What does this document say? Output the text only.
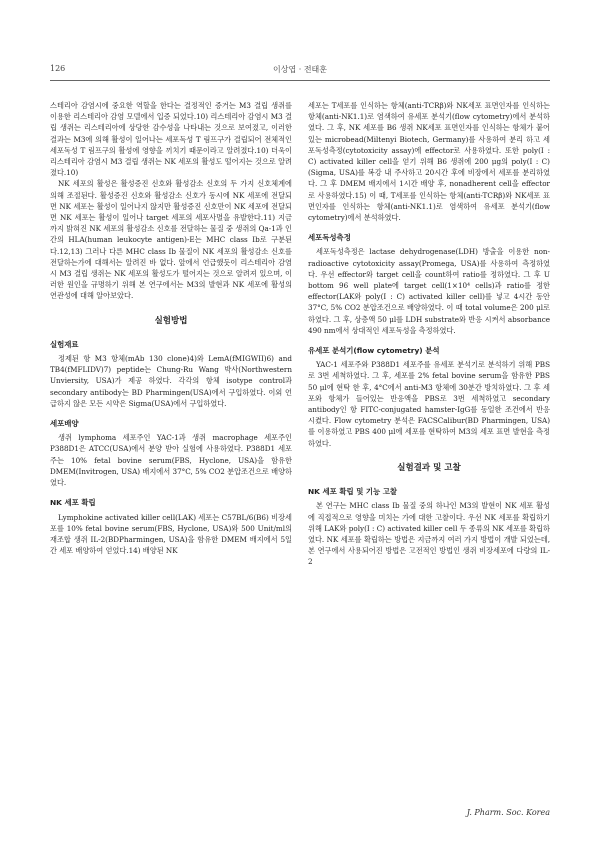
126	이상엽 · 전태훈

스테리아 감염시에 중요한 역할을 한다는 결정적인 증거는 M3 결립 생쥐를 이용한 리스테리아 감염 모델에서 입증 되었다.10) 리스테리아 감염시 M3 결립 생쥐는 리스테리아에 상당한 감수성을 나타내는 것으로 보여졌고, 이러한 결과는 M3에 의해 활성이 일어나는 세포독성 T 림프구가 결립되어 전체적인 세포독성 T 림프구의 활성에 영향을 끼치기 때문이라고 알려졌다.10) 더욱이 리스테리아 감염시 M3 결립 생쥐는 NK 세포의 활성도 떨어지는 것으로 알려졌다.10)

NK 세포의 활성은 활성증진 신호와 활성감소 신호의 두 가지 신호체계에 의해 조절된다. 활성증진 신호와 활성감소 신호가 동시에 NK 세포에 전달되면 NK 세포는 활성이 일어나지 않지만 활성증진 신호만이 NK 세포에 전달되면 NK 세포는 활성이 일어나 target 세포의 세포사멸을 유발한다.11) 지금까지 밝혀진 NK 세포의 활성감소 신호를 전달하는 물질 중 생쥐의 Qa-1과 인간의 HLA(human leukocyte antigen)-E는 MHC class Ib로 구분된다.12,13) 그러나 다른 MHC class Ib 물질이 NK 세포의 활성감소 신호를 전달하는가에 대해서는 알려진 바 없다. 앞에서 언급했듯이 리스테리아 감염시 M3 결립 생쥐는 NK 세포의 활성도가 떨어지는 것으로 알려져 있으며, 이러한 원인을 규명하기 위해 본 연구에서는 M3의 발현과 NK 세포에 활성의 연관성에 대해 알아보았다.

실험방법
실험재료

정제된 항 M3 항체(mAb 130 clone)4)와 LemA(fMIGWII)6) and TB4(fMFLIDV)7) peptide는 Chung-Ru Wang 박사(Northwestern Unviersity, USA)가 제공 하였다. 각각의 항체 isotype control과 secondary antibody는 BD Pharmingen(USA)에서 구입하였다. 이외 언급하지 않은 모든 시약은 Sigma(USA)에서 구입하였다.

세포배양

생쥐 lymphoma 세포주인 YAC-1과 생쥐 macrophage 세포주인 P388D1은 ATCC(USA)에서 분양 받아 실험에 사용하였다. P388D1 세포주는 10% fetal bovine serum(FBS, Hyclone, USA)을 함유한 DMEM(Invitrogen, USA) 배지에서 37°C, 5% CO2 분압조건으로 배양하였다.

NK 세포 확립

Lymphokine activated killer cell(LAK) 세포는 C57BL/6(B6) 비장세포를 10% fetal bovine serum(FBS, Hyclone, USA)와 500 Unit/ml의 재조합 생쥐 IL-2(BDPharmingen, USA)을 함유한 DMEM 배지에서 5일간 세포 배양하여 얻었다.14) 배양된 NK

세포는 T세포를 인식하는 항체(anti-TCRβ)와 NK세포 표면인자를 인식하는 항체(anti-NK1.1)로 염색하여 유세포 분석기(flow cytometry)에서 분석하였다. 그 후, NK 세포를 B6 생쥐 NK세포 표면인자를 인식하는 항체가 붙어 있는 microbead(Miltenyi Biotech, Germany)를 사용하여 분리 하고 세포독성측정(cytotoxicity assay)에 effector로 사용하였다. 또한 poly(I : C) activated killer cell을 얻기 위해 B6 생쥐에 200 μg의 poly(I : C)(Sigma, USA)를 복강 내 주사하고 20시간 후에 비장에서 세포를 분리하였다. 그 후 DMEM 배지에서 1시간 배양 후, nonadherent cell을 effector로 사용하였다.15) 이 때, T세포를 인식하는 항체(anti-TCRβ)와 NK세포 표면인자를 인식하는 항체(anti-NK1.1)로 염색하여 유세포 분석기(flow cytometry)에서 분석하였다.

세포독성측정

세포독성측정은 lactase dehydrogenase(LDH) 방출을 이용한 non-radioactive cytotoxicity assay(Promega, USA)를 사용하여 측정하였다. 우선 effector와 target cell을 count하여 ratio를 정하였다. 그 후 U bottom 96 well plate에 target cell(1×10⁴ cells)과 ratio를 정한 effector(LAK와 poly(I : C) activated killer cell)를 넣고 4시간 동안 37°C, 5% CO2 분압조건으로 배양하였다. 이 때 total volume은 200 μl로 하였다. 그 후, 상층액 50 μl를 LDH substrate와 반응 시켜서 absorbance 490 nm에서 상대적인 세포독성을 측정하였다.

유세포 분석기(flow cytometry) 분석

YAC-1 세포주와 P388D1 세포주를 유세포 분석기로 분석하기 위해 PBS로 3번 세척하였다. 그 후, 세포를 2% fetal bovine serum을 함유한 PBS 50 μl에 현탁 한 후, 4°C에서 anti-M3 항체에 30분간 방치하였다. 그 후 세포와 항체가 들어있는 반응액을 PBS로 3번 세척하였고 secondary antibody인 항 FITC-conjugated hamster-IgG를 동일한 조건에서 반응 시켰다. Flow cytometry 분석은 FACSCalibur(BD Pharmingen, USA)를 이용하였고 PBS 400 μl에 세포를 현탁하여 M3의 세포 표면 발현을 측정하였다.

실험결과 및 고찰
NK 세포 확립 및 기능 고찰

본 연구는 MHC class Ib 물질 중의 하나인 M3의 발현이 NK 세포 활성에 직접적으로 영향을 미치는 가에 대한 고찰이다. 우선 NK 세포를 확립하기 위해 LAK와 poly(I : C) activated killer cell 두 종류의 NK 세포를 확립하였다. NK 세포를 확립하는 방법은 지금까지 여러 가지 방법이 개발 되었는데, 본 연구에서 사용되어진 방법은 고전적인 방법인 생쥐 비장세포에 다량의 IL-2

J. Pharm. Soc. Korea
